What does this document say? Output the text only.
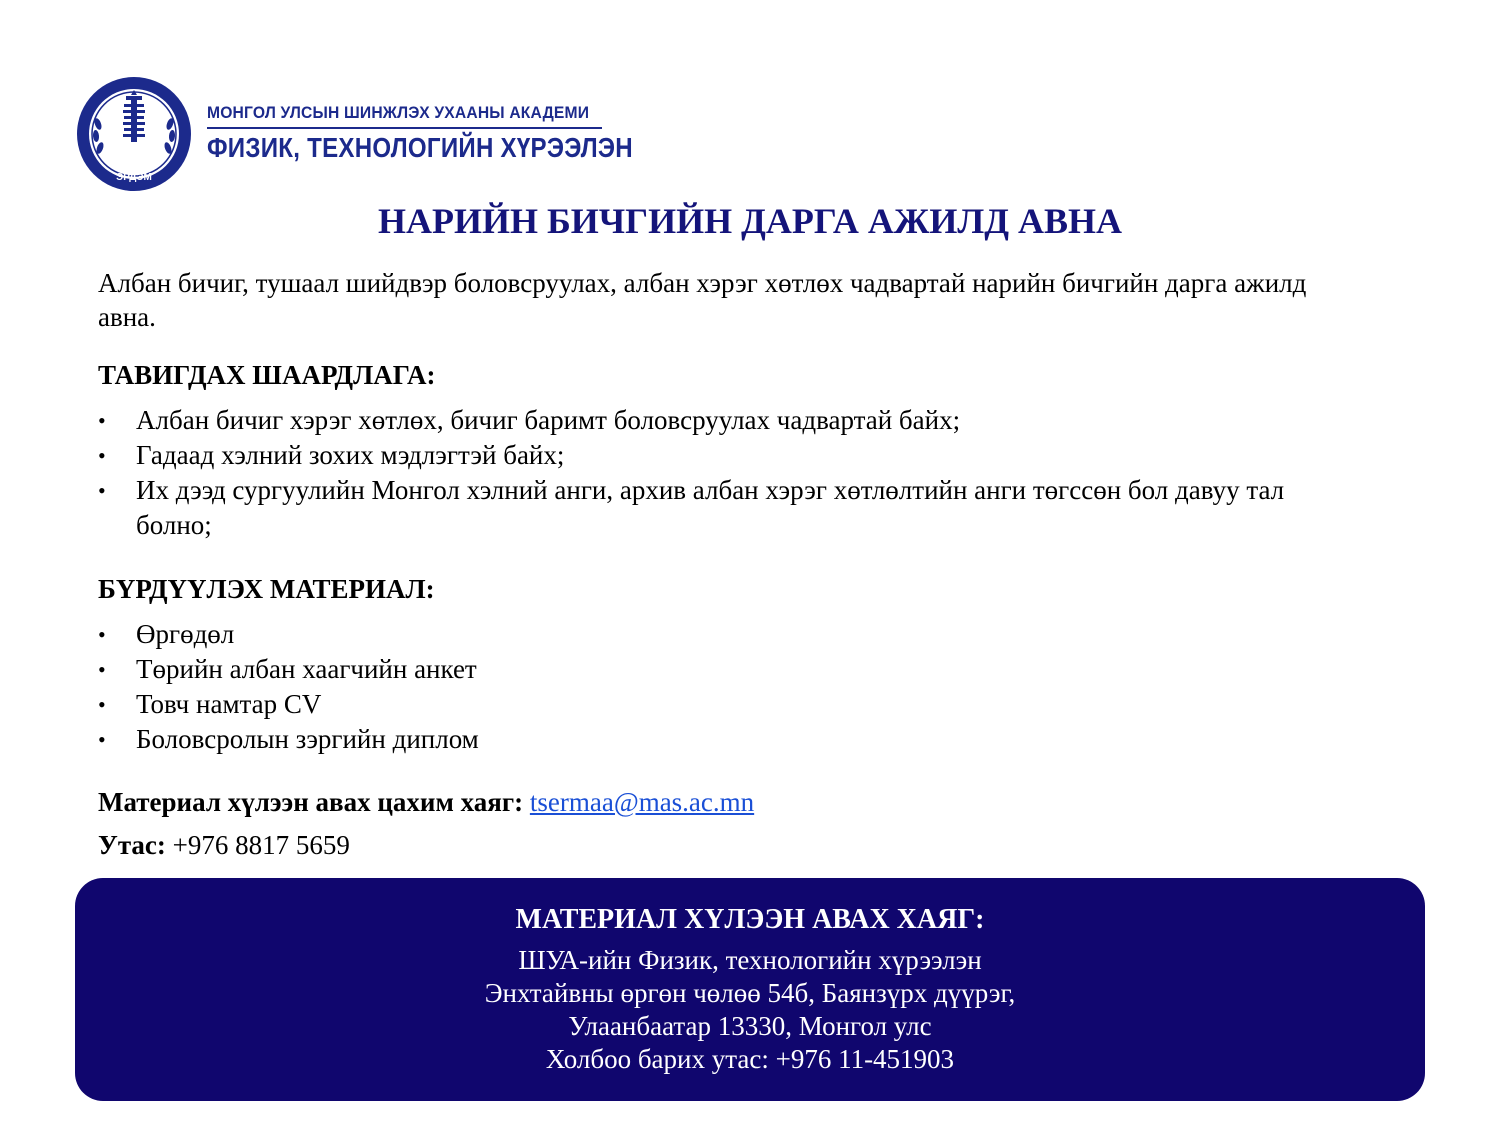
ЭРДЭМ
МОНГОЛ УЛСЫН ШИНЖЛЭХ УХААНЫ АКАДЕМИ
ФИЗИК, ТЕХНОЛОГИЙН ХҮРЭЭЛЭН
НАРИЙН БИЧГИЙН ДАРГА АЖИЛД АВНА
Албан бичиг, тушаал шийдвэр боловсруулах, албан хэрэг хөтлөх чадвартай нарийн бичгийн дарга ажилд авна.
ТАВИГДАХ ШААРДЛАГА:
• Албан бичиг хэрэг хөтлөх, бичиг баримт боловсруулах чадвартай байх;
• Гадаад хэлний зохих мэдлэгтэй байх;
• Их дээд сургуулийн Монгол хэлний анги, архив албан хэрэг хөтлөлтийн анги төгссөн бол давуу тал болно;
БҮРДҮҮЛЭХ МАТЕРИАЛ:
• Өргөдөл
• Төрийн албан хаагчийн анкет
• Товч намтар CV
• Боловсролын зэргийн диплом
Материал хүлээн авах цахим хаяг: tsermaa@mas.ac.mn
Утас: +976 8817 5659
МАТЕРИАЛ ХҮЛЭЭН АВАХ ХАЯГ:
ШУА-ийн Физик, технологийн хүрээлэн
Энхтайвны өргөн чөлөө 54б, Баянзүрх дүүрэг,
Улаанбаатар 13330, Монгол улс
Холбоо барих утас: +976 11-451903
